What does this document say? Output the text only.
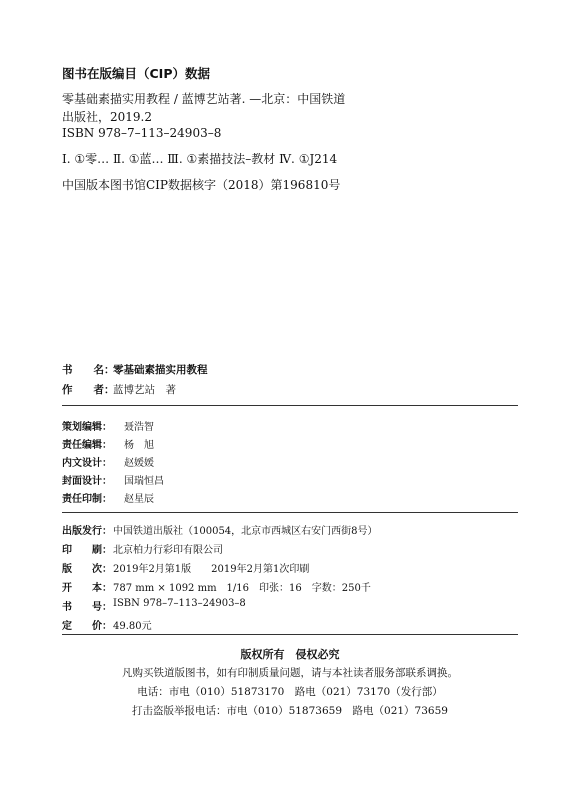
图书在版编目（CIP）数据
零基础素描实用教程 / 蓝博艺站著. —北京：中国铁道
出版社，2019.2
ISBN 978–7–113–24903–8
Ⅰ. ①零… Ⅱ. ①蓝… Ⅲ. ①素描技法–教材 Ⅳ. ①J214
中国版本图书馆CIP数据核字（2018）第196810号
书　　名：
零基础素描实用教程
作　　者：
蓝博艺站　著
策划编辑： 聂浩智
责任编辑： 杨　旭
内文设计： 赵媛媛
封面设计： 国瑞恒昌
责任印制： 赵星辰
出版发行： 中国铁道出版社（100054，北京市西城区右安门西街8号）
印　　刷： 北京柏力行彩印有限公司
版　　次： 2019年2月第1版　　2019年2月第1次印刷
开　　本： 787 mm × 1092 mm　1/16　印张：16　字数：250千
书　　号： ISBN 978–7–113–24903–8
定　　价： 49.80元
版权所有　侵权必究
凡购买铁道版图书，如有印制质量问题，请与本社读者服务部联系调换。
电话：市电（010）51873170　路电（021）73170（发行部）
打击盗版举报电话：市电（010）51873659　路电（021）73659
